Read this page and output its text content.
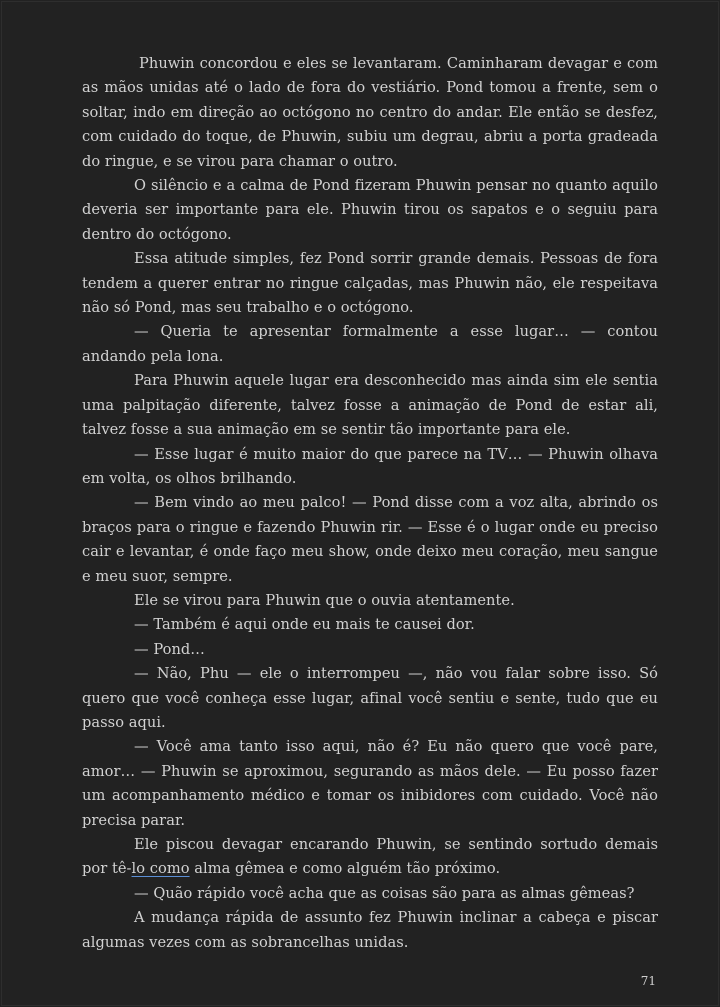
Phuwin concordou e eles se levantaram. Caminharam devagar e com as mãos unidas até o lado de fora do vestiário. Pond tomou a frente, sem o soltar, indo em direção ao octógono no centro do andar. Ele então se desfez, com cuidado do toque, de Phuwin, subiu um degrau, abriu a porta gradeada do ringue, e se virou para chamar o outro.

O silêncio e a calma de Pond fizeram Phuwin pensar no quanto aquilo deveria ser importante para ele. Phuwin tirou os sapatos e o seguiu para dentro do octógono.

Essa atitude simples, fez Pond sorrir grande demais. Pessoas de fora tendem a querer entrar no ringue calçadas, mas Phuwin não, ele respeitava não só Pond, mas seu trabalho e o octógono.

— Queria te apresentar formalmente a esse lugar… — contou andando pela lona.

Para Phuwin aquele lugar era desconhecido mas ainda sim ele sentia uma palpitação diferente, talvez fosse a animação de Pond de estar ali, talvez fosse a sua animação em se sentir tão importante para ele.

— Esse lugar é muito maior do que parece na TV… — Phuwin olhava em volta, os olhos brilhando.

— Bem vindo ao meu palco! — Pond disse com a voz alta, abrindo os braços para o ringue e fazendo Phuwin rir. — Esse é o lugar onde eu preciso cair e levantar, é onde faço meu show, onde deixo meu coração, meu sangue e meu suor, sempre.

Ele se virou para Phuwin que o ouvia atentamente.

— Também é aqui onde eu mais te causei dor.

— Pond…

— Não, Phu — ele o interrompeu —, não vou falar sobre isso. Só quero que você conheça esse lugar, afinal você sentiu e sente, tudo que eu passo aqui.

— Você ama tanto isso aqui, não é? Eu não quero que você pare, amor… — Phuwin se aproximou, segurando as mãos dele. — Eu posso fazer um acompanhamento médico e tomar os inibidores com cuidado. Você não precisa parar.

Ele piscou devagar encarando Phuwin, se sentindo sortudo demais por tê-lo como alma gêmea e como alguém tão próximo.

— Quão rápido você acha que as coisas são para as almas gêmeas?

A mudança rápida de assunto fez Phuwin inclinar a cabeça e piscar algumas vezes com as sobrancelhas unidas.

71
